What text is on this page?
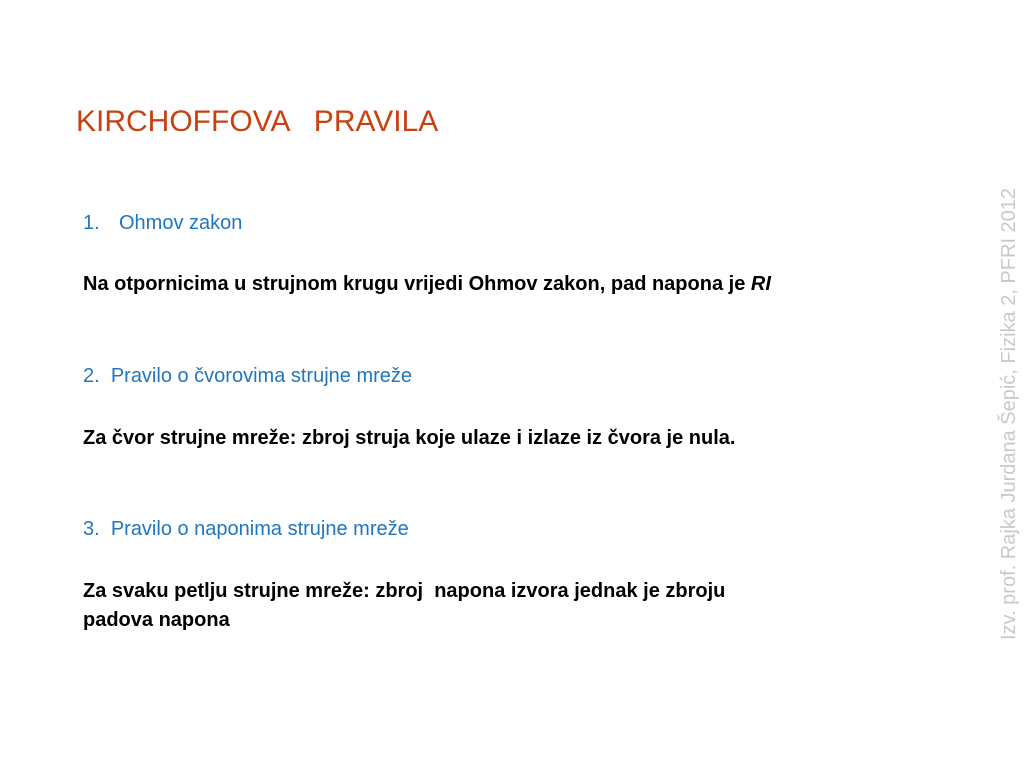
KIRCHOFFOVA   PRAVILA
1. Ohmov zakon
Na otpornicima u strujnom krugu vrijedi Ohmov zakon, pad napona je RI
2. Pravilo o čvorovima strujne mreže
Za čvor strujne mreže: zbroj struja koje ulaze i izlaze iz čvora je nula.
3. Pravilo o naponima strujne mreže
Za svaku petlju strujne mreže: zbroj  napona izvora jednak je zbroju
padova napona	Izv. prof. Rajka Jurdana Šepić, Fizika 2, PFRI 2012
